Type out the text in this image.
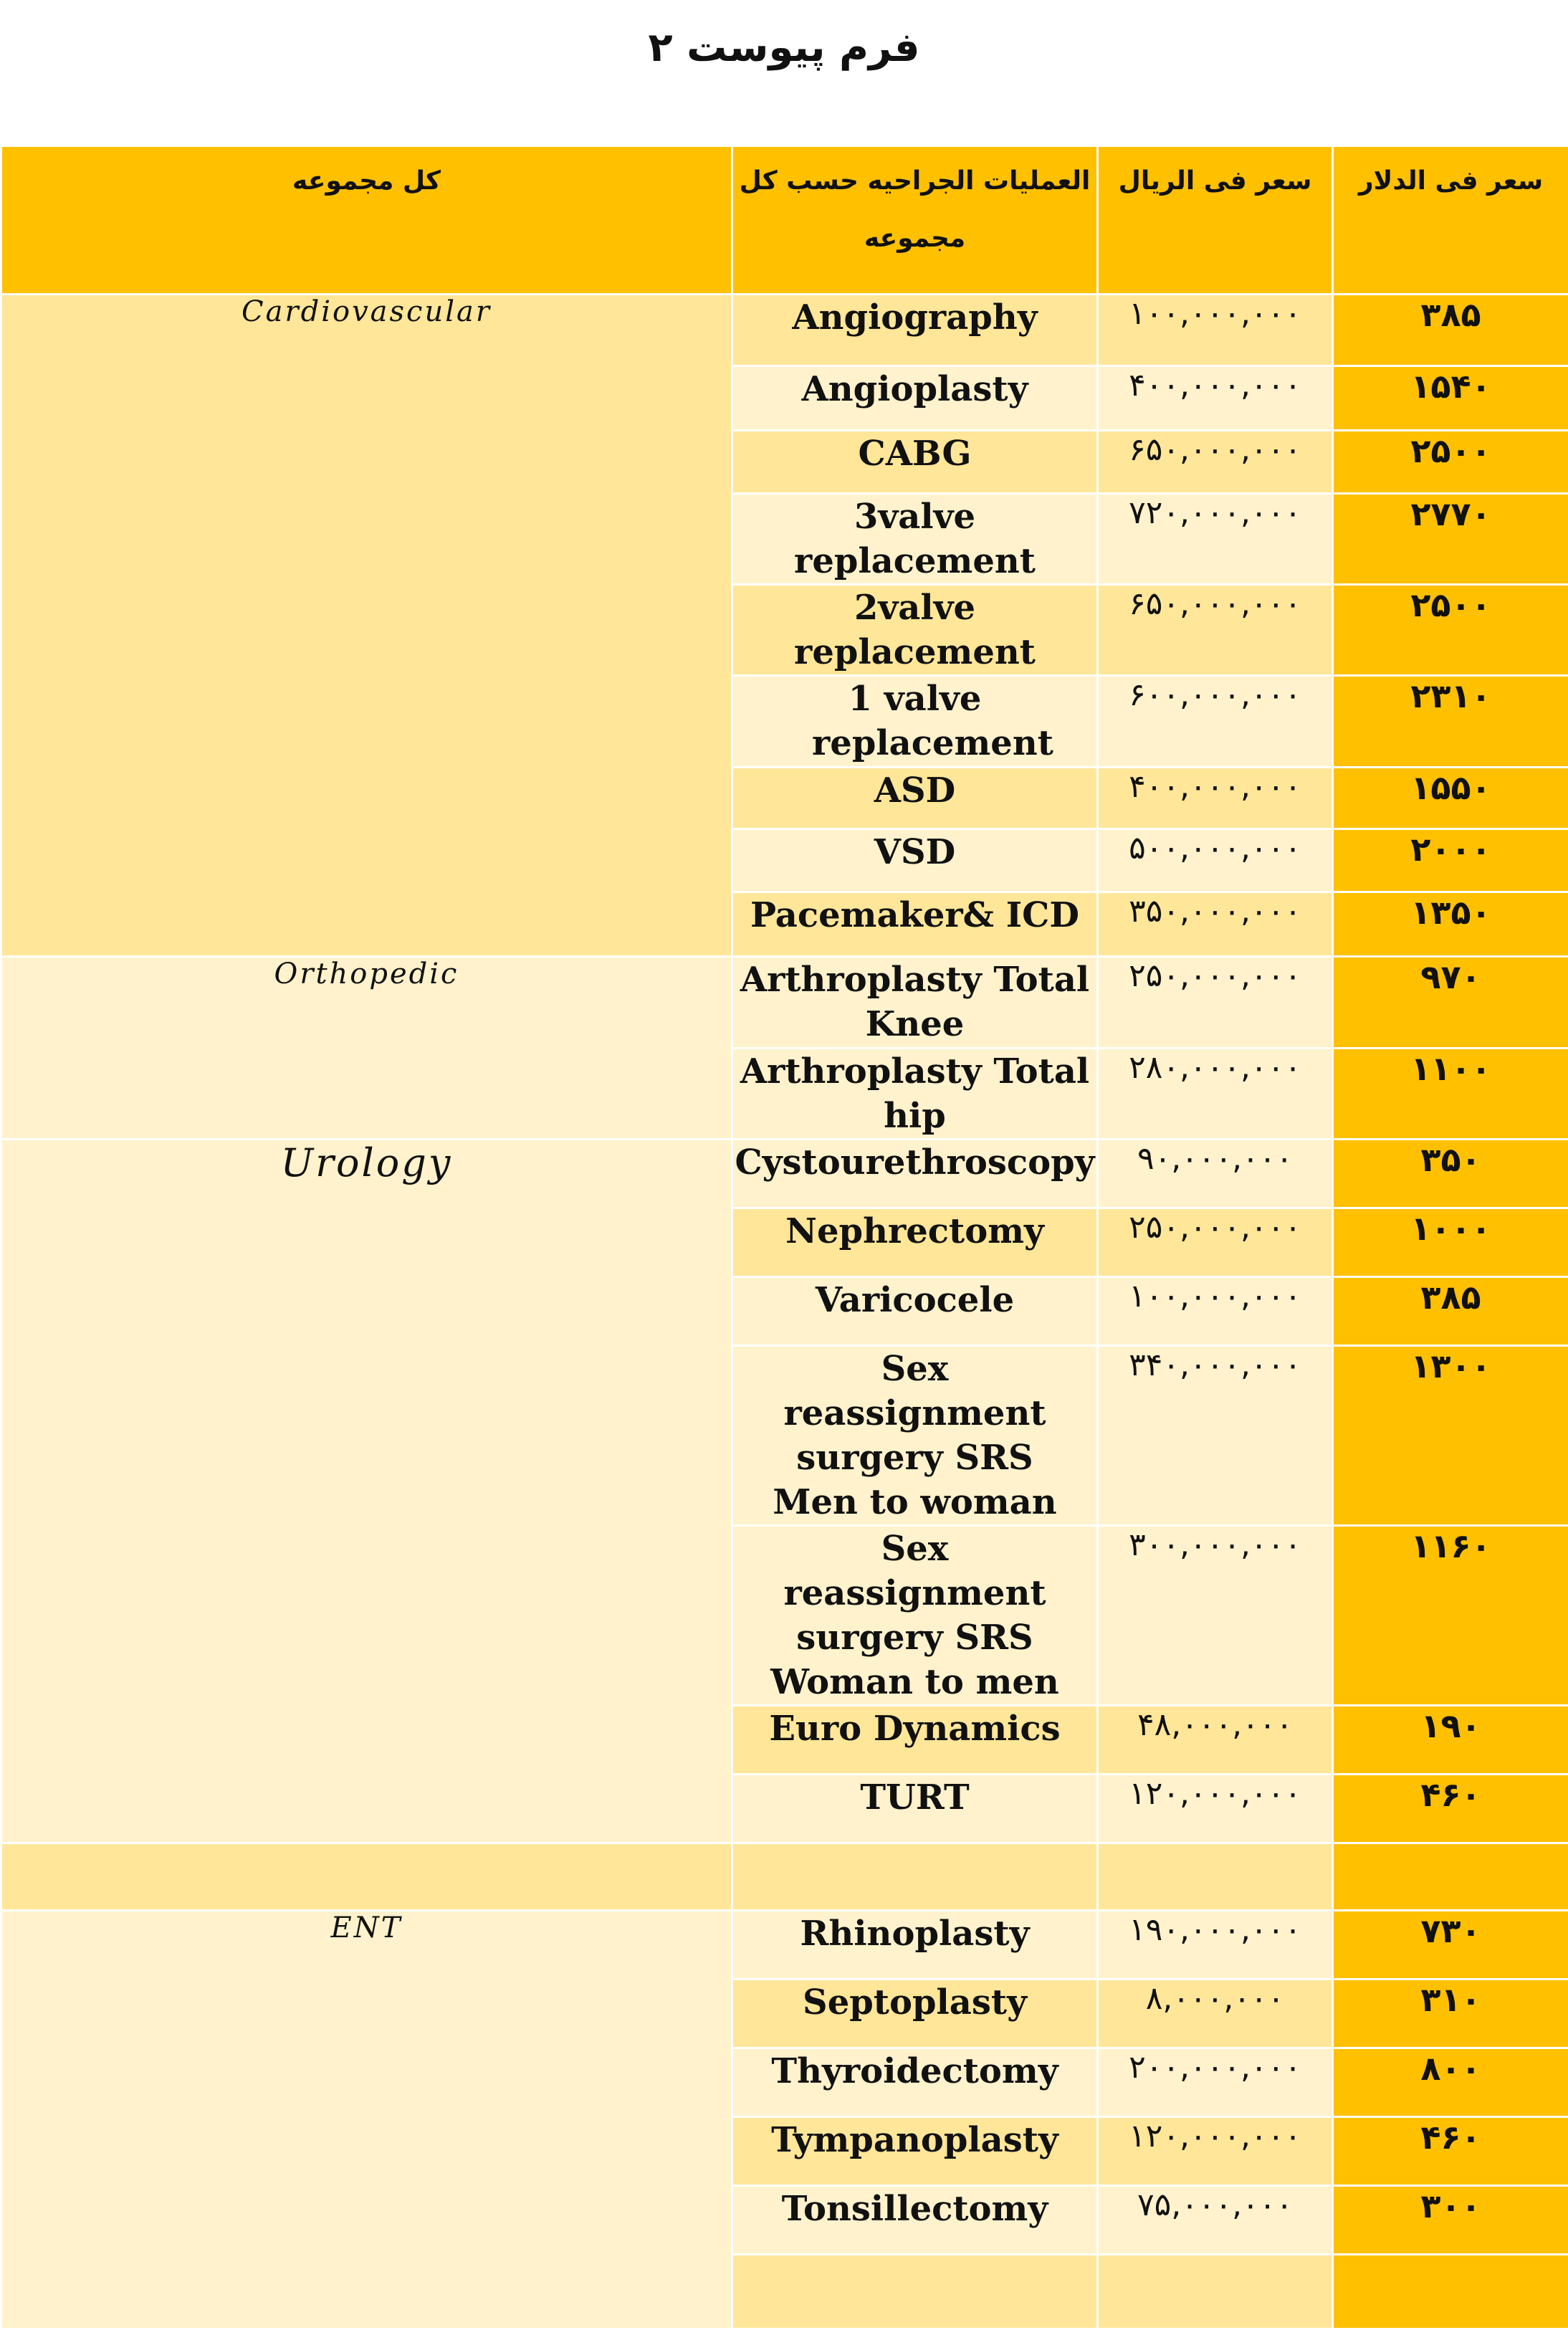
فرم پیوست ۲
کل مجموعه	العملیات الجراحیه حسب کل مجموعه	سعر فی الریال	سعر فی الدلار
Cardiovascular	Angiography	۱۰۰,۰۰۰,۰۰۰	۳۸۵
	Angioplasty	۴۰۰,۰۰۰,۰۰۰	۱۵۴۰
	CABG	۶۵۰,۰۰۰,۰۰۰	۲۵۰۰
	3valve replacement	۷۲۰,۰۰۰,۰۰۰	۲۷۷۰
	2valve replacement	۶۵۰,۰۰۰,۰۰۰	۲۵۰۰
	1 valve replacement	۶۰۰,۰۰۰,۰۰۰	۲۳۱۰
	ASD	۴۰۰,۰۰۰,۰۰۰	۱۵۵۰
	VSD	۵۰۰,۰۰۰,۰۰۰	۲۰۰۰
	Pacemaker& ICD	۳۵۰,۰۰۰,۰۰۰	۱۳۵۰
Orthopedic	Arthroplasty Total Knee	۲۵۰,۰۰۰,۰۰۰	۹۷۰
	Arthroplasty Total hip	۲۸۰,۰۰۰,۰۰۰	۱۱۰۰
Urology	Cystourethroscopy	۹۰,۰۰۰,۰۰۰	۳۵۰
	Nephrectomy	۲۵۰,۰۰۰,۰۰۰	۱۰۰۰
	Varicocele	۱۰۰,۰۰۰,۰۰۰	۳۸۵
	Sex reassignment surgery SRS Men to woman	۳۴۰,۰۰۰,۰۰۰	۱۳۰۰
	Sex reassignment surgery SRS Woman to men	۳۰۰,۰۰۰,۰۰۰	۱۱۶۰
	Euro Dynamics	۴۸,۰۰۰,۰۰۰	۱۹۰
	TURT	۱۲۰,۰۰۰,۰۰۰	۴۶۰

ENT	Rhinoplasty	۱۹۰,۰۰۰,۰۰۰	۷۳۰
	Septoplasty	۸,۰۰۰,۰۰۰	۳۱۰
	Thyroidectomy	۲۰۰,۰۰۰,۰۰۰	۸۰۰
	Tympanoplasty	۱۲۰,۰۰۰,۰۰۰	۴۶۰
	Tonsillectomy	۷۵,۰۰۰,۰۰۰	۳۰۰
